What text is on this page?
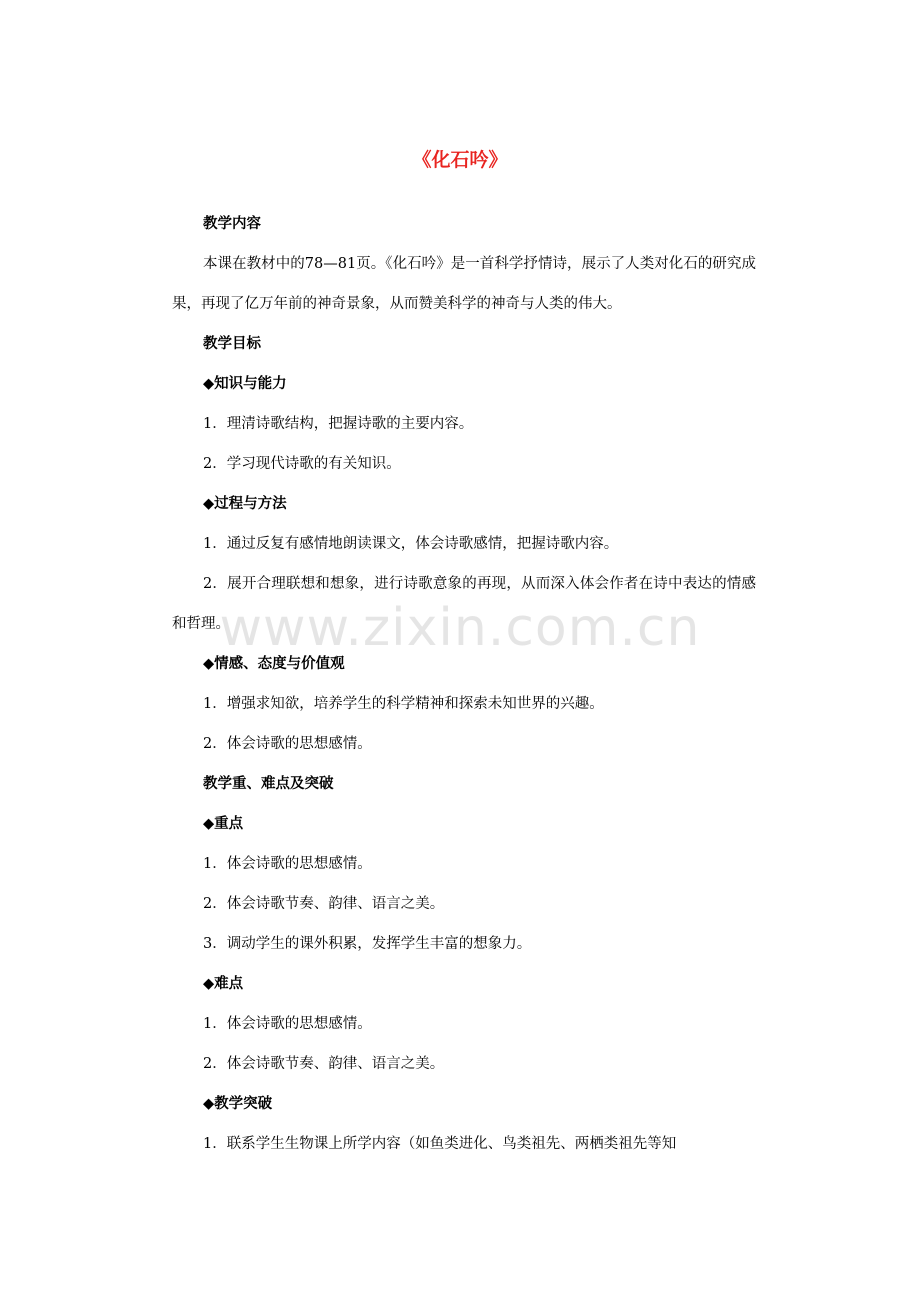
《化石吟》
教学内容
本课在教材中的78—81页。《化石吟》是一首科学抒情诗，展示了人类对化石的研究成果，再现了亿万年前的神奇景象，从而赞美科学的神奇与人类的伟大。
教学目标
◆知识与能力
1．理清诗歌结构，把握诗歌的主要内容。
2．学习现代诗歌的有关知识。
◆过程与方法
1．通过反复有感情地朗读课文，体会诗歌感情，把握诗歌内容。
2．展开合理联想和想象，进行诗歌意象的再现，从而深入体会作者在诗中表达的情感和哲理。
◆情感、态度与价值观
1．增强求知欲，培养学生的科学精神和探索未知世界的兴趣。
2．体会诗歌的思想感情。
教学重、难点及突破
◆重点
1．体会诗歌的思想感情。
2．体会诗歌节奏、韵律、语言之美。
3．调动学生的课外积累，发挥学生丰富的想象力。
◆难点
1．体会诗歌的思想感情。
2．体会诗歌节奏、韵律、语言之美。
◆教学突破
1．联系学生生物课上所学内容（如鱼类进化、鸟类祖先、两栖类祖先等知
www.zixin.com.cn
